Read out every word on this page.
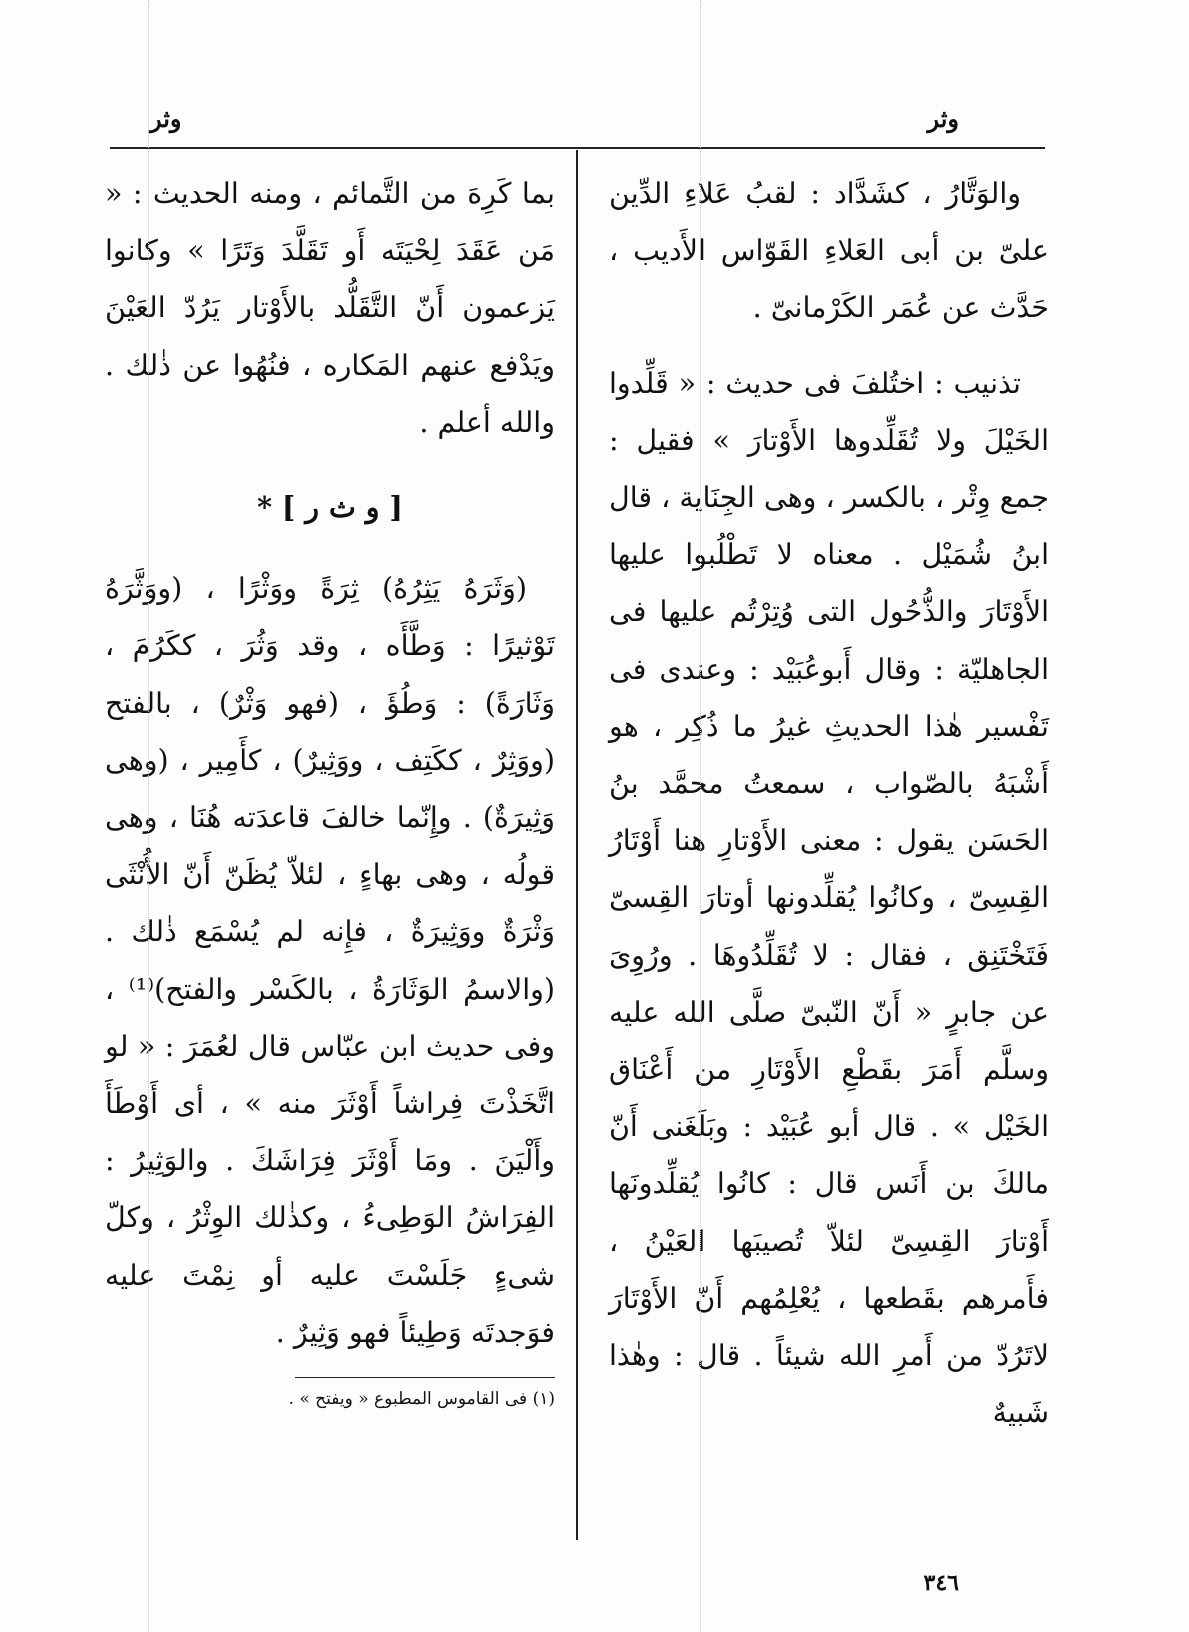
وثر
وثر

والوَتَّارُ ، كشَدَّاد : لقبُ عَلاءِ الدِّين علىّ بن أبى العَلاءِ القَوّاس الأَديب ، حَدَّث عن عُمَر الكَرْمانىّ .

تذنيب : اختُلفَ فى حديث : « قَلِّدوا الخَيْلَ ولا تُقَلِّدوها الأَوْتارَ » فقيل : جمع وِتْر ، بالكسر ، وهى الجِنَاية ، قال ابنُ شُمَيْل . معناه لا تَطْلُبوا عليها الأَوْتَارَ والذُّحُول التى وُتِرْتُم عليها فى الجاهليّة : وقال أَبوعُبَيْد : وعندى فى تَفْسير هٰذا الحديثِ غيرُ ما ذُكِر ، هو أَشْبَهُ بالصّواب ، سمعتُ محمَّد بنُ الحَسَن يقول : معنى الأَوْتارِ هنا أَوْتَارُ القِسِىّ ، وكانُوا يُقلِّدونها أوتارَ القِسىّ فَتَخْتَنِق ، فقال : لا تُقَلِّدُوهَا . ورُوِىَ عن جابرٍ « أَنّ النّبىّ صلَّى الله عليه وسلَّم أَمَرَ بقَطْعِ الأَوْتَارِ من أَعْنَاق الخَيْل » . قال أبو عُبَيْد : وبَلَغَنى أَنّ مالكَ بن أَنَس قال : كانُوا يُقلِّدونَها أَوْتارَ القِسِىّ لئلاّ تُصيبَها العَيْنُ ، فأَمرهم بقَطعها ، يُعْلِمُهم أَنّ الأَوْتَارَ لاتَرُدّ من أَمرِ الله شيئاً . قال : وهٰذا شَبيهٌ

بما كَرِهَ من التَّمائم ، ومنه الحديث : « مَن عَقَدَ لِحْيَتَه أَو تَقَلَّدَ وَتَرًا » وكانوا يَزعمون أَنّ التَّقَلُّد بالأَوْتار يَرُدّ العَيْنَ ويَدْفع عنهم المَكاره ، فنُهُوا عن ذٰلك . والله أعلم .

[ و ث ر ] *

(وَثَرَهُ يَثِرُهُ) ثِرَةً ووَثْرًا ، (ووَثَّرَهُ تَوْثيرًا : وَطَّأَه ، وقد وَثُرَ ، ككَرُمَ ، وَثَارَةً) : وَطُؤَ ، (فهو وَثْرٌ) ، بالفتح (ووَثِرٌ ، ككَتِف ، ووَثِيرٌ) ، كأَمِير ، (وهى وَثِيرَةٌ) . وإِنّما خالفَ قاعدَته هُنَا ، وهى قولُه ، وهى بهاءٍ ، لئلاّ يُظَنّ أَنّ الأُنْثَى وَثْرَةٌ ووَثِيرَةٌ ، فإِنه لم يُسْمَع ذٰلك . (والاسمُ الوَثَارَةُ ، بالكَسْر والفتح)⁽¹⁾ ، وفى حديث ابن عبّاس قال لعُمَرَ : « لو اتَّخَذْتَ فِراشاً أَوْثَرَ منه » ، أى أَوْطَأَ وأَلْيَنَ . ومَا أَوْثَرَ فِرَاشَكَ . والوَثِيرُ : الفِرَاشُ الوَطِىءُ ، وكذٰلك الوِثْرُ ، وكلّ شىءٍ جَلَسْتَ عليه أو نِمْتَ عليه فوَجدتَه وَطِيئاً فهو وَثِيرٌ .

(١) فى القاموس المطبوع « ويفتح » .
٣٤٦
